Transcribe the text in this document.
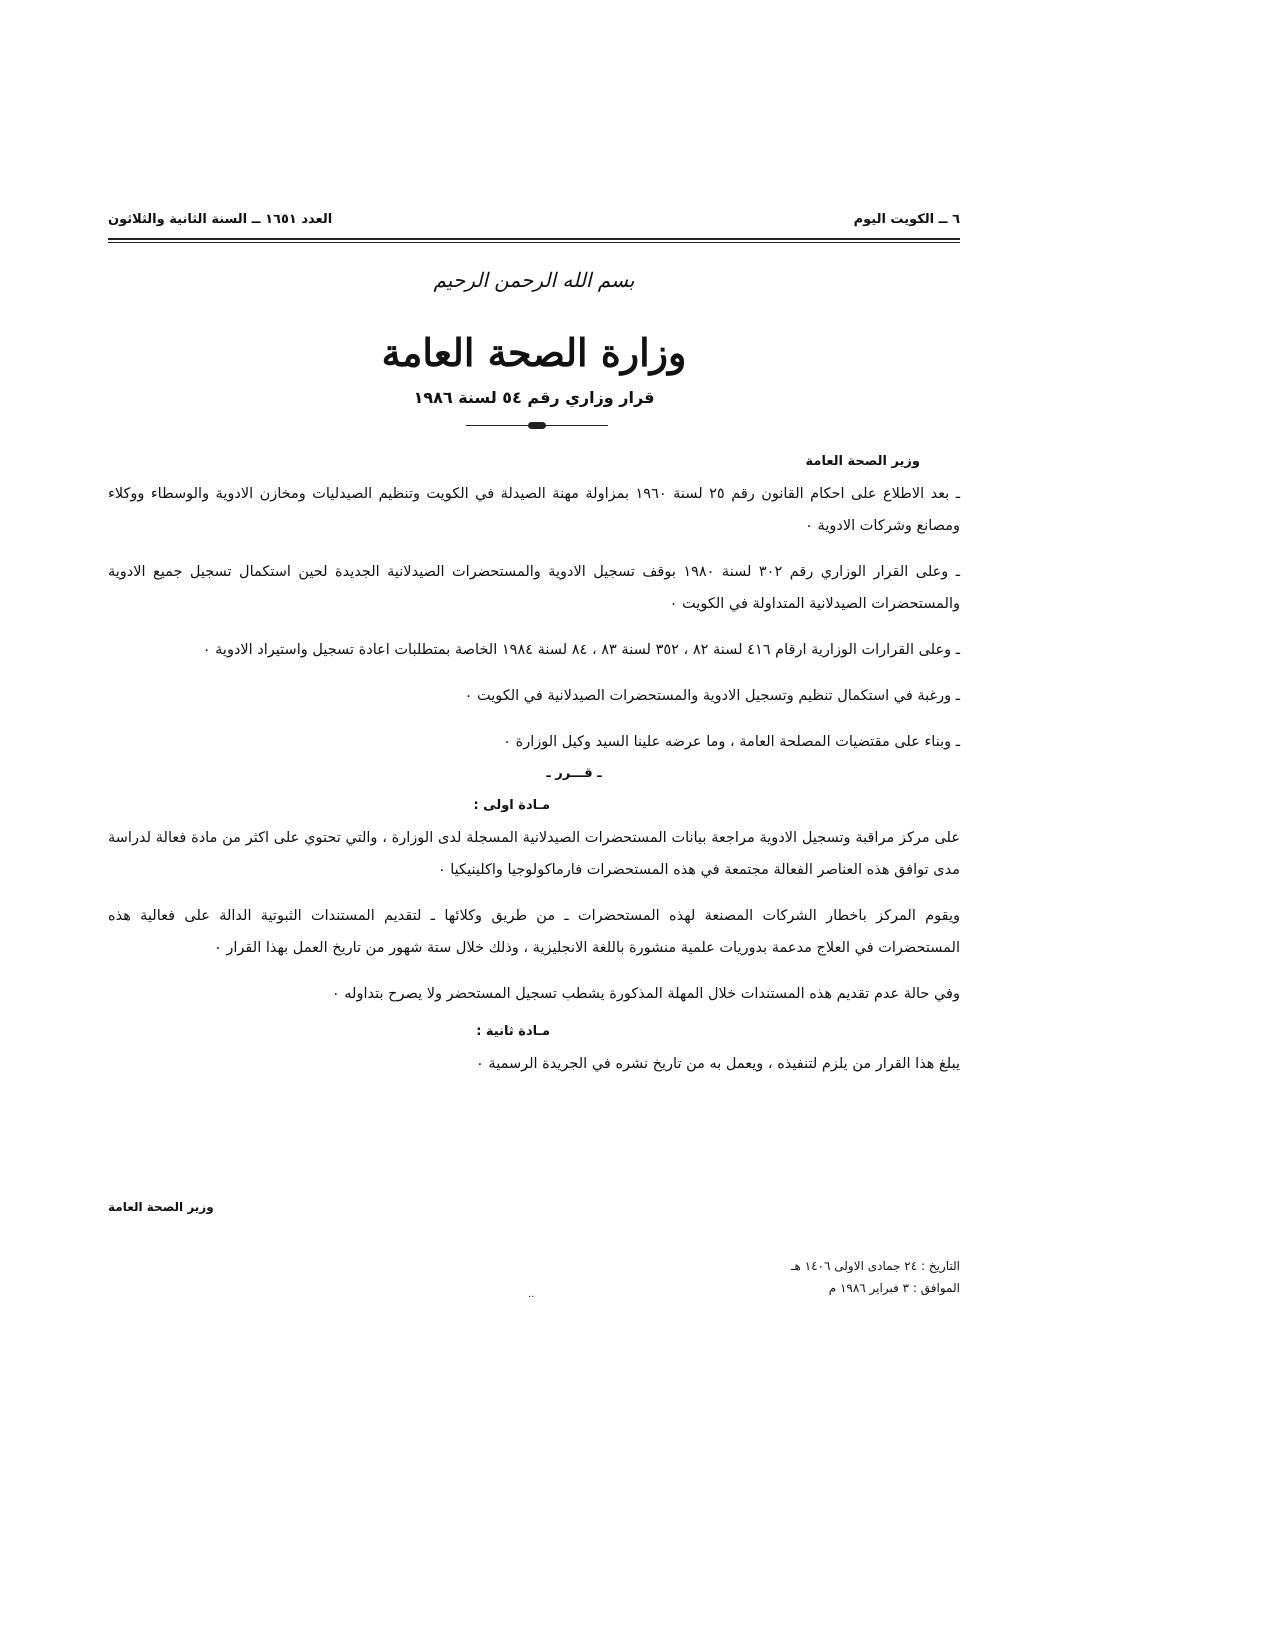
٦ ــ الكويت اليوم
العدد ١٦٥١ ــ السنة الثانية والثلاثون
بسم الله الرحمن الرحيم
وزارة الصحة العامة
قرار وزاري رقم ٥٤ لسنة ١٩٨٦

وزير الصحة العامة

ـ بعد الاطلاع على احكام القانون رقم ٢٥ لسنة ١٩٦٠ بمزاولة مهنة الصيدلة في الكويت وتنظيم الصيدليات ومخازن الادوية والوسطاء ووكلاء ومصانع وشركات الادوية ٠

ـ وعلى القرار الوزاري رقم ٣٠٢ لسنة ١٩٨٠ بوقف تسجيل الادوية والمستحضرات الصيدلانية الجديدة لحين استكمال تسجيل جميع الادوية والمستحضرات الصيدلانية المتداولة في الكويت ٠

ـ وعلى القرارات الوزارية ارقام ٤١٦ لسنة ٨٢ ، ٣٥٢ لسنة ٨٣ ، ٨٤ لسنة ١٩٨٤ الخاصة بمتطلبات اعادة تسجيل واستيراد الادوية ٠

ـ ورغبة في استكمال تنظيم وتسجيل الادوية والمستحضرات الصيدلانية في الكويت ٠

ـ وبناء على مقتضيات المصلحة العامة ، وما عرضه علينا السيد وكيل الوزارة ٠

ـ قـــرر ـ

مـادة اولى :

على مركز مراقبة وتسجيل الادوية مراجعة بيانات المستحضرات الصيدلانية المسجلة لدى الوزارة ، والتي تحتوي على اكثر من مادة فعالة لدراسة مدى توافق هذه العناصر الفعالة مجتمعة في هذه المستحضرات فارماكولوجيا واكلينيكيا ٠

ويقوم المركز باخطار الشركات المصنعة لهذه المستحضرات ـ من طريق وكلائها ـ لتقديم المستندات الثبوتية الدالة على فعالية هذه المستحضرات في العلاج مدعمة بدوريات علمية منشورة باللغة الانجليزية ، وذلك خلال ستة شهور من تاريخ العمل بهذا القرار ٠

وفي حالة عدم تقديم هذه المستندات خلال المهلة المذكورة يشطب تسجيل المستحضر ولا يصرح بتداوله ٠

مـادة ثانية :

يبلغ هذا القرار من يلزم لتنفيذه ، ويعمل به من تاريخ نشره في الجريدة الرسمية ٠

وزير الصحة العامة
التاريخ : ٢٤ جمادى الاولى ١٤٠٦ هـ
الموافق : ٣ فبراير ١٩٨٦ م
..
